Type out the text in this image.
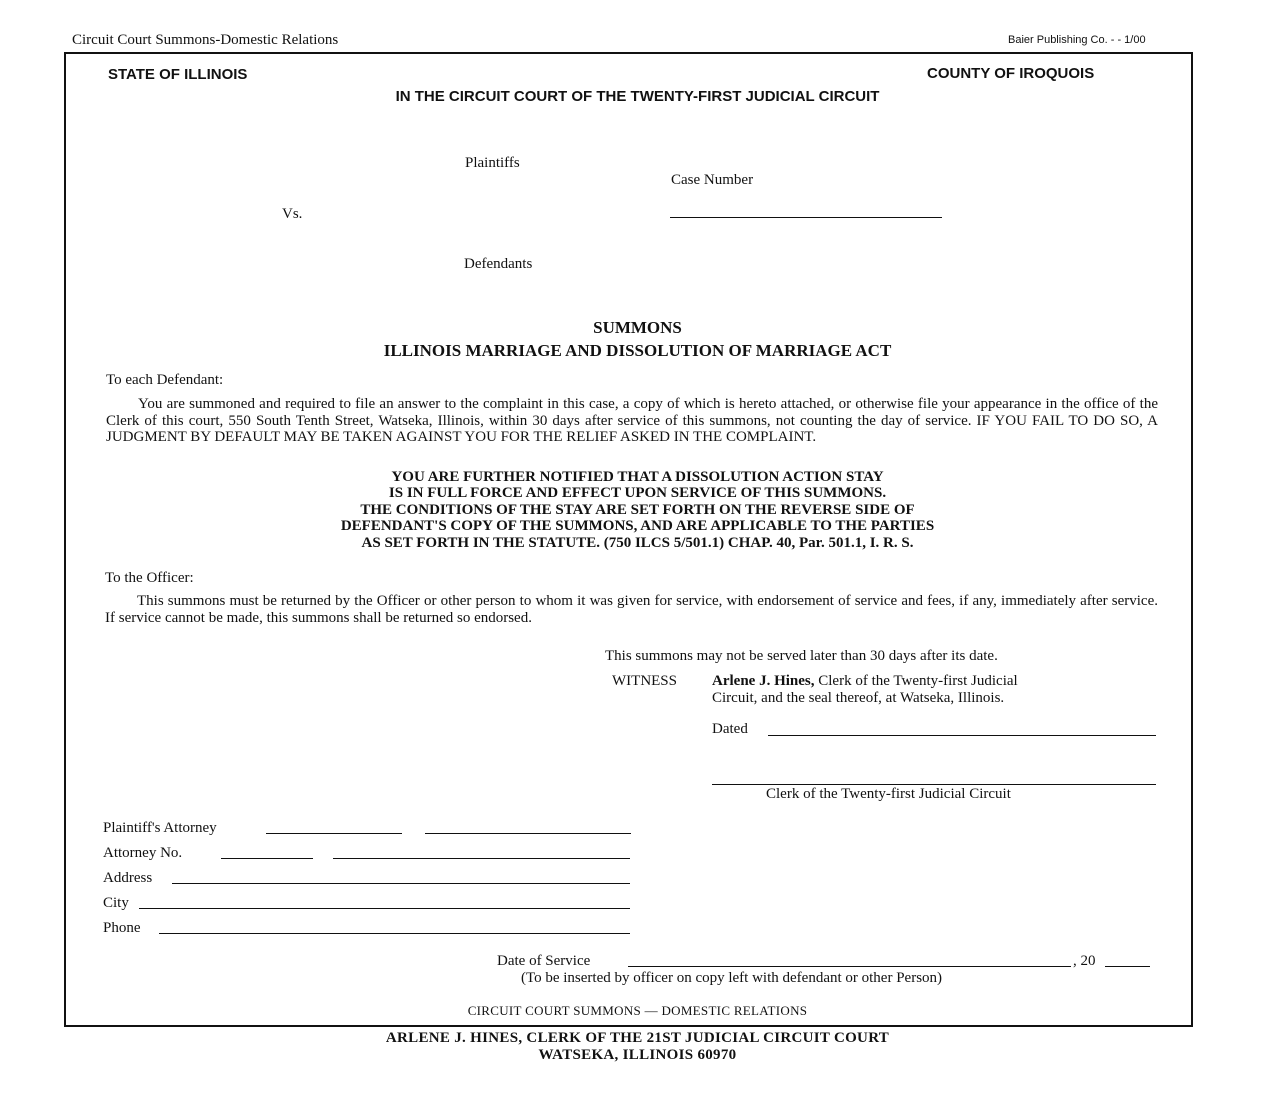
Circuit Court Summons-Domestic Relations	Baier Publishing Co. - - 1/00
STATE OF ILLINOIS	COUNTY OF IROQUOIS
IN THE CIRCUIT COURT OF THE TWENTY-FIRST JUDICIAL CIRCUIT
Plaintiffs
Case Number
Vs.
Defendants
SUMMONS
ILLINOIS MARRIAGE AND DISSOLUTION OF MARRIAGE ACT
To each Defendant:
You are summoned and required to file an answer to the complaint in this case, a copy of which is hereto attached, or otherwise file your appearance in the office of the Clerk of this court, 550 South Tenth Street, Watseka, Illinois, within 30 days after service of this summons, not counting the day of service. IF YOU FAIL TO DO SO, A JUDGMENT BY DEFAULT MAY BE TAKEN AGAINST YOU FOR THE RELIEF ASKED IN THE COMPLAINT.
YOU ARE FURTHER NOTIFIED THAT A DISSOLUTION ACTION STAY
IS IN FULL FORCE AND EFFECT UPON SERVICE OF THIS SUMMONS.
THE CONDITIONS OF THE STAY ARE SET FORTH ON THE REVERSE SIDE OF
DEFENDANT'S COPY OF THE SUMMONS, AND ARE APPLICABLE TO THE PARTIES
AS SET FORTH IN THE STATUTE. (750 ILCS 5/501.1) CHAP. 40, Par. 501.1, I. R. S.
To the Officer:
This summons must be returned by the Officer or other person to whom it was given for service, with endorsement of service and fees, if any, immediately after service. If service cannot be made, this summons shall be returned so endorsed.
This summons may not be served later than 30 days after its date.
WITNESS Arlene J. Hines, Clerk of the Twenty-first Judicial
Circuit, and the seal thereof, at Watseka, Illinois.
Dated
Clerk of the Twenty-first Judicial Circuit
Plaintiff's Attorney
Attorney No.
Address
City
Phone
Date of Service	, 20
(To be inserted by officer on copy left with defendant or other Person)
CIRCUIT COURT SUMMONS — DOMESTIC RELATIONS
ARLENE J. HINES, CLERK OF THE 21ST JUDICIAL CIRCUIT COURT
WATSEKA, ILLINOIS 60970
